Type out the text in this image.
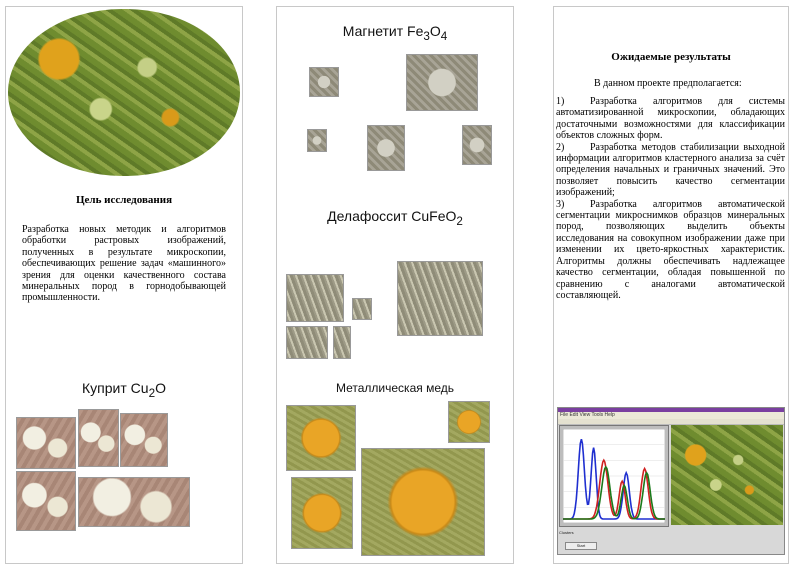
Цель исследования

Разработка новых методик и алгоритмов обработки растровых изображений, полученных в результате микроскопии, обеспечивающих решение задач «машинного» зрения для оценки качественного состава минеральных пород в горнодобывающей промышленности.

Куприт $Cu_2O$
Магнетит $Fe_3O_4$
Делафоссит CuFeO$_2$
Металлическая медь
Ожидаемые результаты
В данном проекте предполагается:
1)	Разработка алгоритмов для системы автоматизированной микроскопии, обладающих достаточными возможностями для классификации объектов сложных форм.
2)	Разработка методов стабилизации выходной информации алгоритмов кластерного анализа за счёт определения начальных и граничных значений. Это позволяет повысить качество сегментации изображений;
3)	Разработка алгоритмов автоматической сегментации микроснимков образцов минеральных пород, позволяющих выделить объекты исследования на совокупном изображении даже при изменении их цвето-яркостных характеристик. Алгоритмы должны обеспечивать надлежащее качество сегментации, обладая повышенной по сравнению с аналогами автоматической составляющей.
File Edit View Tools Help
Clusters
Start
